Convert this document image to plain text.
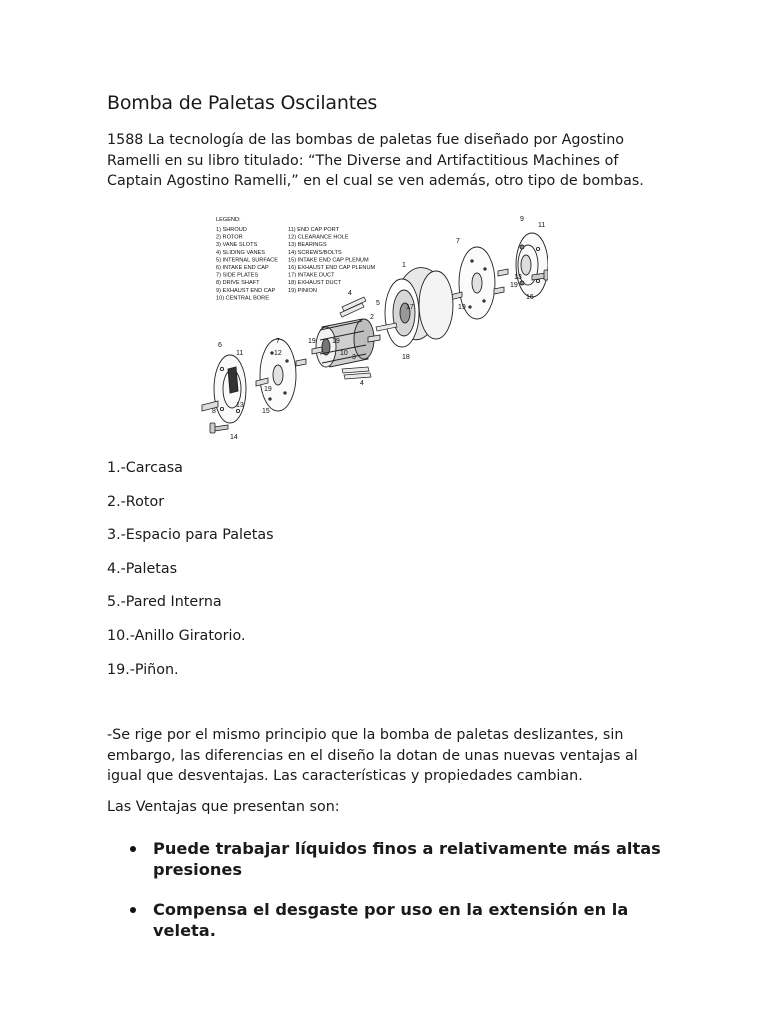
Bomba de Paletas Oscilantes

1588 La tecnología de las bombas de paletas fue diseñado por Agostino Ramelli en su libro titulado: “The Diverse and Artifactitious Machines of Captain Agostino Ramelli,” en el cual se ven además, otro tipo de bombas.

LEGEND:
1) SHROUD
2) ROTOR
3) VANE SLOTS
4) SLIDING VANES
5) INTERNAL SURFACE
6) INTAKE END CAP
7) SIDE PLATES
8) DRIVE SHAFT
9) EXHAUST END CAP
10) CENTRAL BORE
11) END CAP PORT
12) CLEARANCE HOLE
13) BEARINGS
14) SCREWS/BOLTS
15) INTAKE END CAP PLENUM
16) EXHAUST END CAP PLENUM
17) INTAKE DUCT
18) EXHAUST DUCT
19) PINION
9
11
7
1
19
19
16
13
4
5
17
18
2
6
11
7
12
19 19
10
3
4
15
8
13
14
19
1.-Carcasa
2.-Rotor
3.-Espacio para Paletas
4.-Paletas
5.-Pared Interna
10.-Anillo Giratorio.
19.-Piñon.

-Se rige por el mismo principio que la bomba de paletas deslizantes, sin embargo, las diferencias en el diseño la dotan de unas nuevas ventajas al igual que desventajas. Las características y propiedades cambian.

Las Ventajas que presentan son:

Puede trabajar líquidos finos a relativamente más altas presiones
Compensa el desgaste por uso en la extensión en la veleta.
